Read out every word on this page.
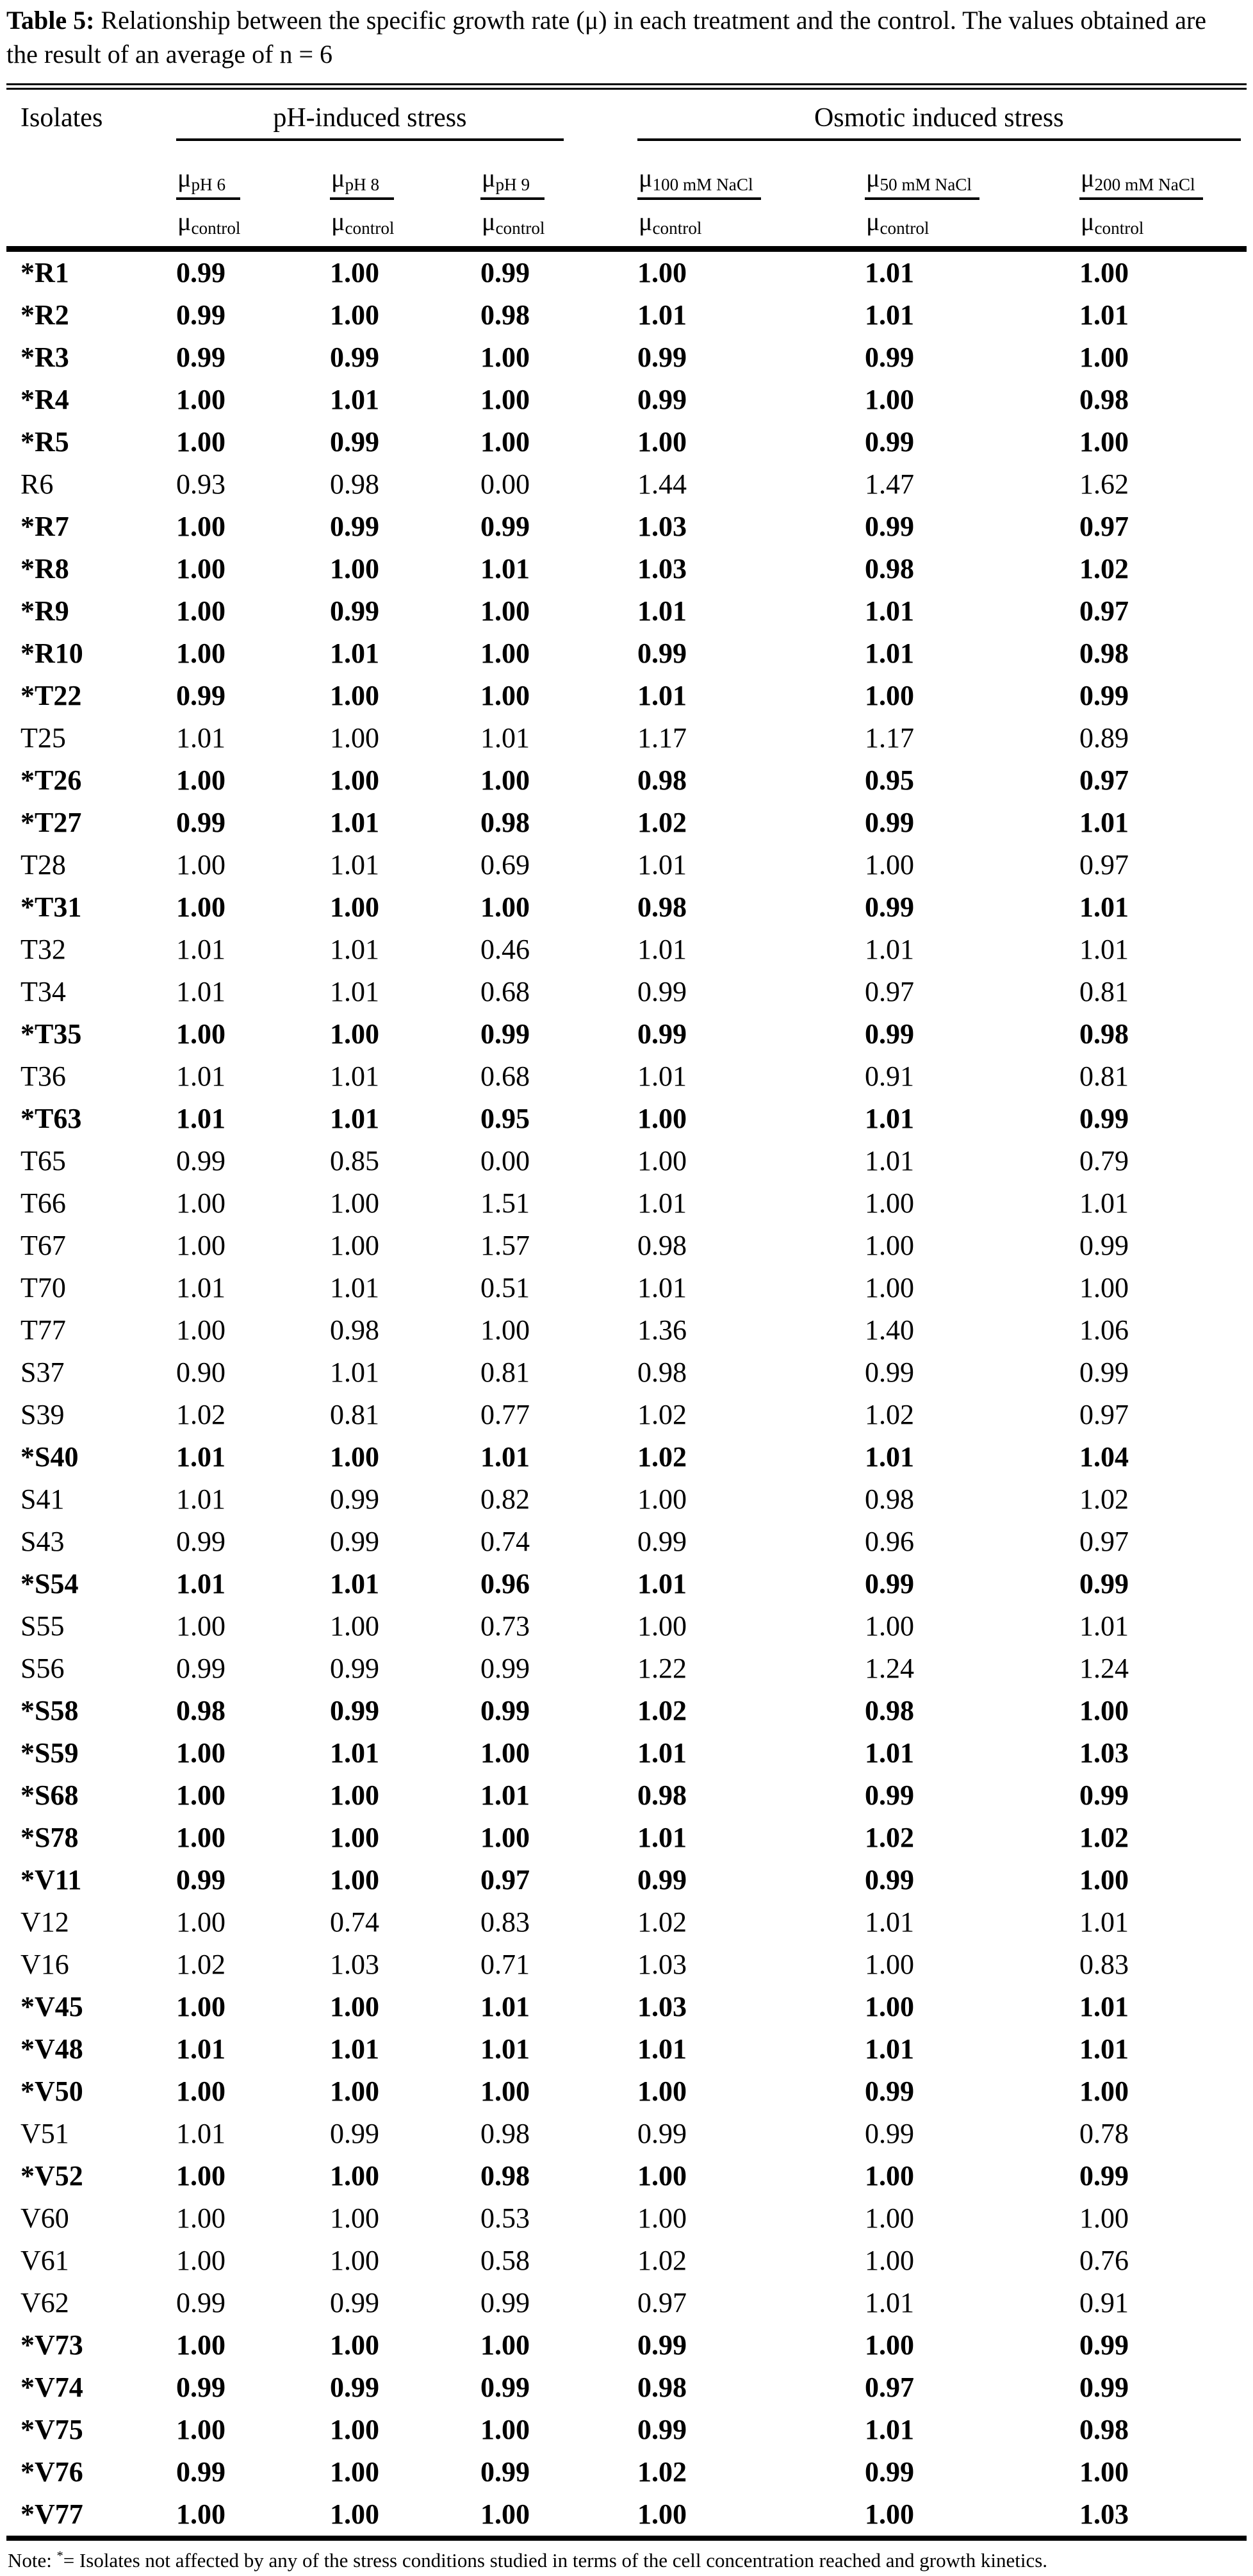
Table 5: Relationship between the specific growth rate (μ) in each treatment and the control. The values obtained are the result of an average of n = 6

Isolates	pH-induced stress			Osmotic induced stress		

$\frac{\mu_{pH 6}}{\mu_{control}}$	$\frac{\mu_{pH 8}}{\mu_{control}}$	$\frac{\mu_{pH 9}}{\mu_{control}}$	$\frac{\mu_{100 mM NaCl}}{\mu_{control}}$	$\frac{\mu_{50 mM NaCl}}{\mu_{control}}$	$\frac{\mu_{200 mM NaCl}}{\mu_{control}}$

*R1	0.99	1.00	0.99	1.00	1.01	1.00
*R2	0.99	1.00	0.98	1.01	1.01	1.01
*R3	0.99	0.99	1.00	0.99	0.99	1.00
*R4	1.00	1.01	1.00	0.99	1.00	0.98
*R5	1.00	0.99	1.00	1.00	0.99	1.00
R6	0.93	0.98	0.00	1.44	1.47	1.62
*R7	1.00	0.99	0.99	1.03	0.99	0.97
*R8	1.00	1.00	1.01	1.03	0.98	1.02
*R9	1.00	0.99	1.00	1.01	1.01	0.97
*R10	1.00	1.01	1.00	0.99	1.01	0.98
*T22	0.99	1.00	1.00	1.01	1.00	0.99
T25	1.01	1.00	1.01	1.17	1.17	0.89
*T26	1.00	1.00	1.00	0.98	0.95	0.97
*T27	0.99	1.01	0.98	1.02	0.99	1.01
T28	1.00	1.01	0.69	1.01	1.00	0.97
*T31	1.00	1.00	1.00	0.98	0.99	1.01
T32	1.01	1.01	0.46	1.01	1.01	1.01
T34	1.01	1.01	0.68	0.99	0.97	0.81
*T35	1.00	1.00	0.99	0.99	0.99	0.98
T36	1.01	1.01	0.68	1.01	0.91	0.81
*T63	1.01	1.01	0.95	1.00	1.01	0.99
T65	0.99	0.85	0.00	1.00	1.01	0.79
T66	1.00	1.00	1.51	1.01	1.00	1.01
T67	1.00	1.00	1.57	0.98	1.00	0.99
T70	1.01	1.01	0.51	1.01	1.00	1.00
T77	1.00	0.98	1.00	1.36	1.40	1.06
S37	0.90	1.01	0.81	0.98	0.99	0.99
S39	1.02	0.81	0.77	1.02	1.02	0.97
*S40	1.01	1.00	1.01	1.02	1.01	1.04
S41	1.01	0.99	0.82	1.00	0.98	1.02
S43	0.99	0.99	0.74	0.99	0.96	0.97
*S54	1.01	1.01	0.96	1.01	0.99	0.99
S55	1.00	1.00	0.73	1.00	1.00	1.01
S56	0.99	0.99	0.99	1.22	1.24	1.24
*S58	0.98	0.99	0.99	1.02	0.98	1.00
*S59	1.00	1.01	1.00	1.01	1.01	1.03
*S68	1.00	1.00	1.01	0.98	0.99	0.99
*S78	1.00	1.00	1.00	1.01	1.02	1.02
*V11	0.99	1.00	0.97	0.99	0.99	1.00
V12	1.00	0.74	0.83	1.02	1.01	1.01
V16	1.02	1.03	0.71	1.03	1.00	0.83
*V45	1.00	1.00	1.01	1.03	1.00	1.01
*V48	1.01	1.01	1.01	1.01	1.01	1.01
*V50	1.00	1.00	1.00	1.00	0.99	1.00
V51	1.01	0.99	0.98	0.99	0.99	0.78
*V52	1.00	1.00	0.98	1.00	1.00	0.99
V60	1.00	1.00	0.53	1.00	1.00	1.00
V61	1.00	1.00	0.58	1.02	1.00	0.76
V62	0.99	0.99	0.99	0.97	1.01	0.91
*V73	1.00	1.00	1.00	0.99	1.00	0.99
*V74	0.99	0.99	0.99	0.98	0.97	0.99
*V75	1.00	1.00	1.00	0.99	1.01	0.98
*V76	0.99	1.00	0.99	1.02	0.99	1.00
*V77	1.00	1.00	1.00	1.00	1.00	1.03

Note: *= Isolates not affected by any of the stress conditions studied in terms of the cell concentration reached and growth kinetics.
